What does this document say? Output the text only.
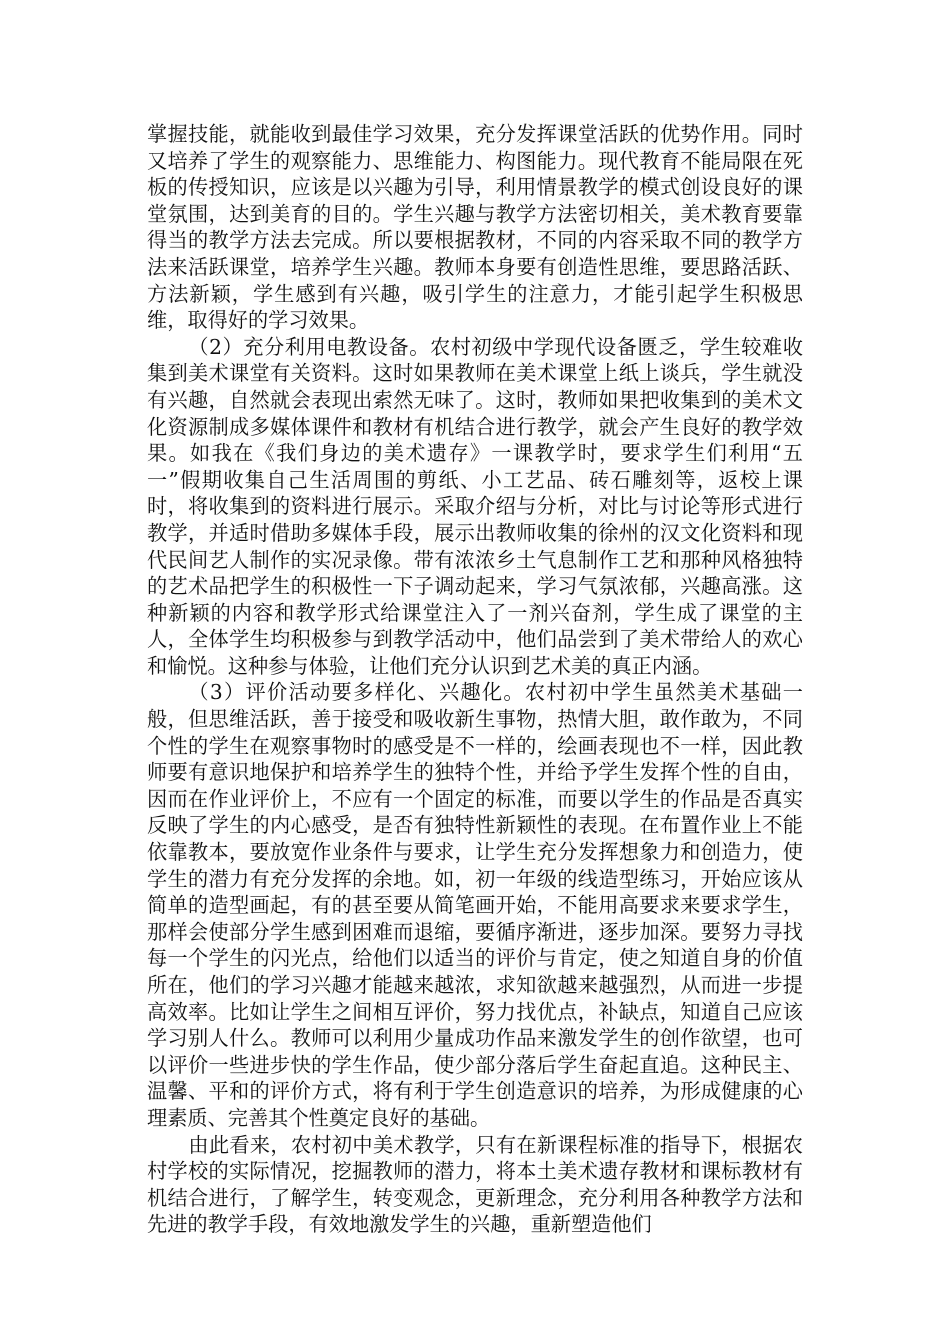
掌握技能，就能收到最佳学习效果，充分发挥课堂活跃的优势作用。同时又培养了学生的观察能力、思维能力、构图能力。现代教育不能局限在死板的传授知识，应该是以兴趣为引导，利用情景教学的模式创设良好的课堂氛围，达到美育的目的。学生兴趣与教学方法密切相关，美术教育要靠得当的教学方法去完成。所以要根据教材，不同的内容采取不同的教学方法来活跃课堂，培养学生兴趣。教师本身要有创造性思维，要思路活跃、方法新颖，学生感到有兴趣，吸引学生的注意力，才能引起学生积极思维，取得好的学习效果。

（2）充分利用电教设备。农村初级中学现代设备匮乏，学生较难收集到美术课堂有关资料。这时如果教师在美术课堂上纸上谈兵，学生就没有兴趣，自然就会表现出索然无味了。这时，教师如果把收集到的美术文化资源制成多媒体课件和教材有机结合进行教学，就会产生良好的教学效果。如我在《我们身边的美术遗存》一课教学时，要求学生们利用“五一”假期收集自己生活周围的剪纸、小工艺品、砖石雕刻等，返校上课时，将收集到的资料进行展示。采取介绍与分析，对比与讨论等形式进行教学，并适时借助多媒体手段，展示出教师收集的徐州的汉文化资料和现代民间艺人制作的实况录像。带有浓浓乡土气息制作工艺和那种风格独特的艺术品把学生的积极性一下子调动起来，学习气氛浓郁，兴趣高涨。这种新颖的内容和教学形式给课堂注入了一剂兴奋剂，学生成了课堂的主人，全体学生均积极参与到教学活动中，他们品尝到了美术带给人的欢心和愉悦。这种参与体验，让他们充分认识到艺术美的真正内涵。

（3）评价活动要多样化、兴趣化。农村初中学生虽然美术基础一般，但思维活跃，善于接受和吸收新生事物，热情大胆，敢作敢为，不同个性的学生在观察事物时的感受是不一样的，绘画表现也不一样，因此教师要有意识地保护和培养学生的独特个性，并给予学生发挥个性的自由，因而在作业评价上，不应有一个固定的标准，而要以学生的作品是否真实反映了学生的内心感受，是否有独特性新颖性的表现。在布置作业上不能依靠教本，要放宽作业条件与要求，让学生充分发挥想象力和创造力，使学生的潜力有充分发挥的余地。如，初一年级的线造型练习，开始应该从简单的造型画起，有的甚至要从简笔画开始，不能用高要求来要求学生，那样会使部分学生感到困难而退缩，要循序渐进，逐步加深。要努力寻找每一个学生的闪光点，给他们以适当的评价与肯定，使之知道自身的价值所在，他们的学习兴趣才能越来越浓，求知欲越来越强烈，从而进一步提高效率。比如让学生之间相互评价，努力找优点，补缺点，知道自己应该学习别人什么。教师可以利用少量成功作品来激发学生的创作欲望，也可以评价一些进步快的学生作品，使少部分落后学生奋起直追。这种民主、温馨、平和的评价方式，将有利于学生创造意识的培养，为形成健康的心理素质、完善其个性奠定良好的基础。

由此看来，农村初中美术教学，只有在新课程标准的指导下，根据农村学校的实际情况，挖掘教师的潜力，将本土美术遗存教材和课标教材有机结合进行，了解学生，转变观念，更新理念，充分利用各种教学方法和先进的教学手段，有效地激发学生的兴趣，重新塑造他们
